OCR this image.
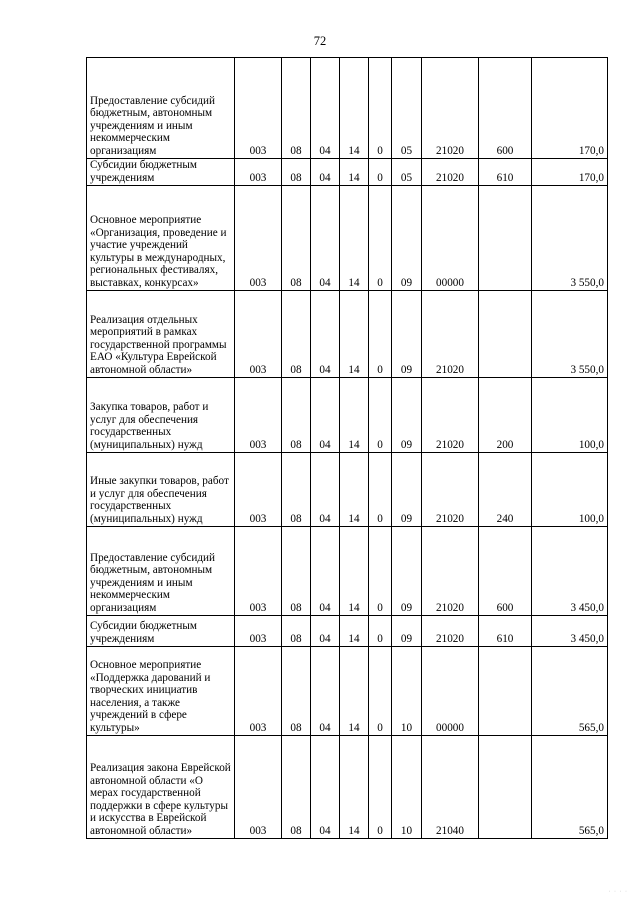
72
Предоставление субсидий бюджетным, автономным учреждениям и иным некоммерческим организациям	003	08	04	14	0	05	21020	600	170,0
Субсидии бюджетным учреждениям	003	08	04	14	0	05	21020	610	170,0
Основное мероприятие «Организация, проведение и участие учреждений культуры в международных, региональных фестивалях, выставках, конкурсах»	003	08	04	14	0	09	00000		3 550,0
Реализация отдельных мероприятий в рамках государственной программы ЕАО «Культура Еврейской автономной области»	003	08	04	14	0	09	21020		3 550,0
Закупка товаров, работ и услуг для обеспечения государственных (муниципальных) нужд	003	08	04	14	0	09	21020	200	100,0
Иные закупки товаров, работ и услуг для обеспечения государственных (муниципальных) нужд	003	08	04	14	0	09	21020	240	100,0
Предоставление субсидий бюджетным, автономным учреждениям и иным некоммерческим организациям	003	08	04	14	0	09	21020	600	3 450,0
Субсидии бюджетным учреждениям	003	08	04	14	0	09	21020	610	3 450,0
Основное мероприятие «Поддержка дарований и творческих инициатив населения, а также учреждений в сфере культуры»	003	08	04	14	0	10	00000		565,0
Реализация закона Еврейской автономной области «О мерах государственной поддержки в сфере культуры и искусства в Еврейской автономной области»	003	08	04	14	0	10	21040		565,0
· · · ·
